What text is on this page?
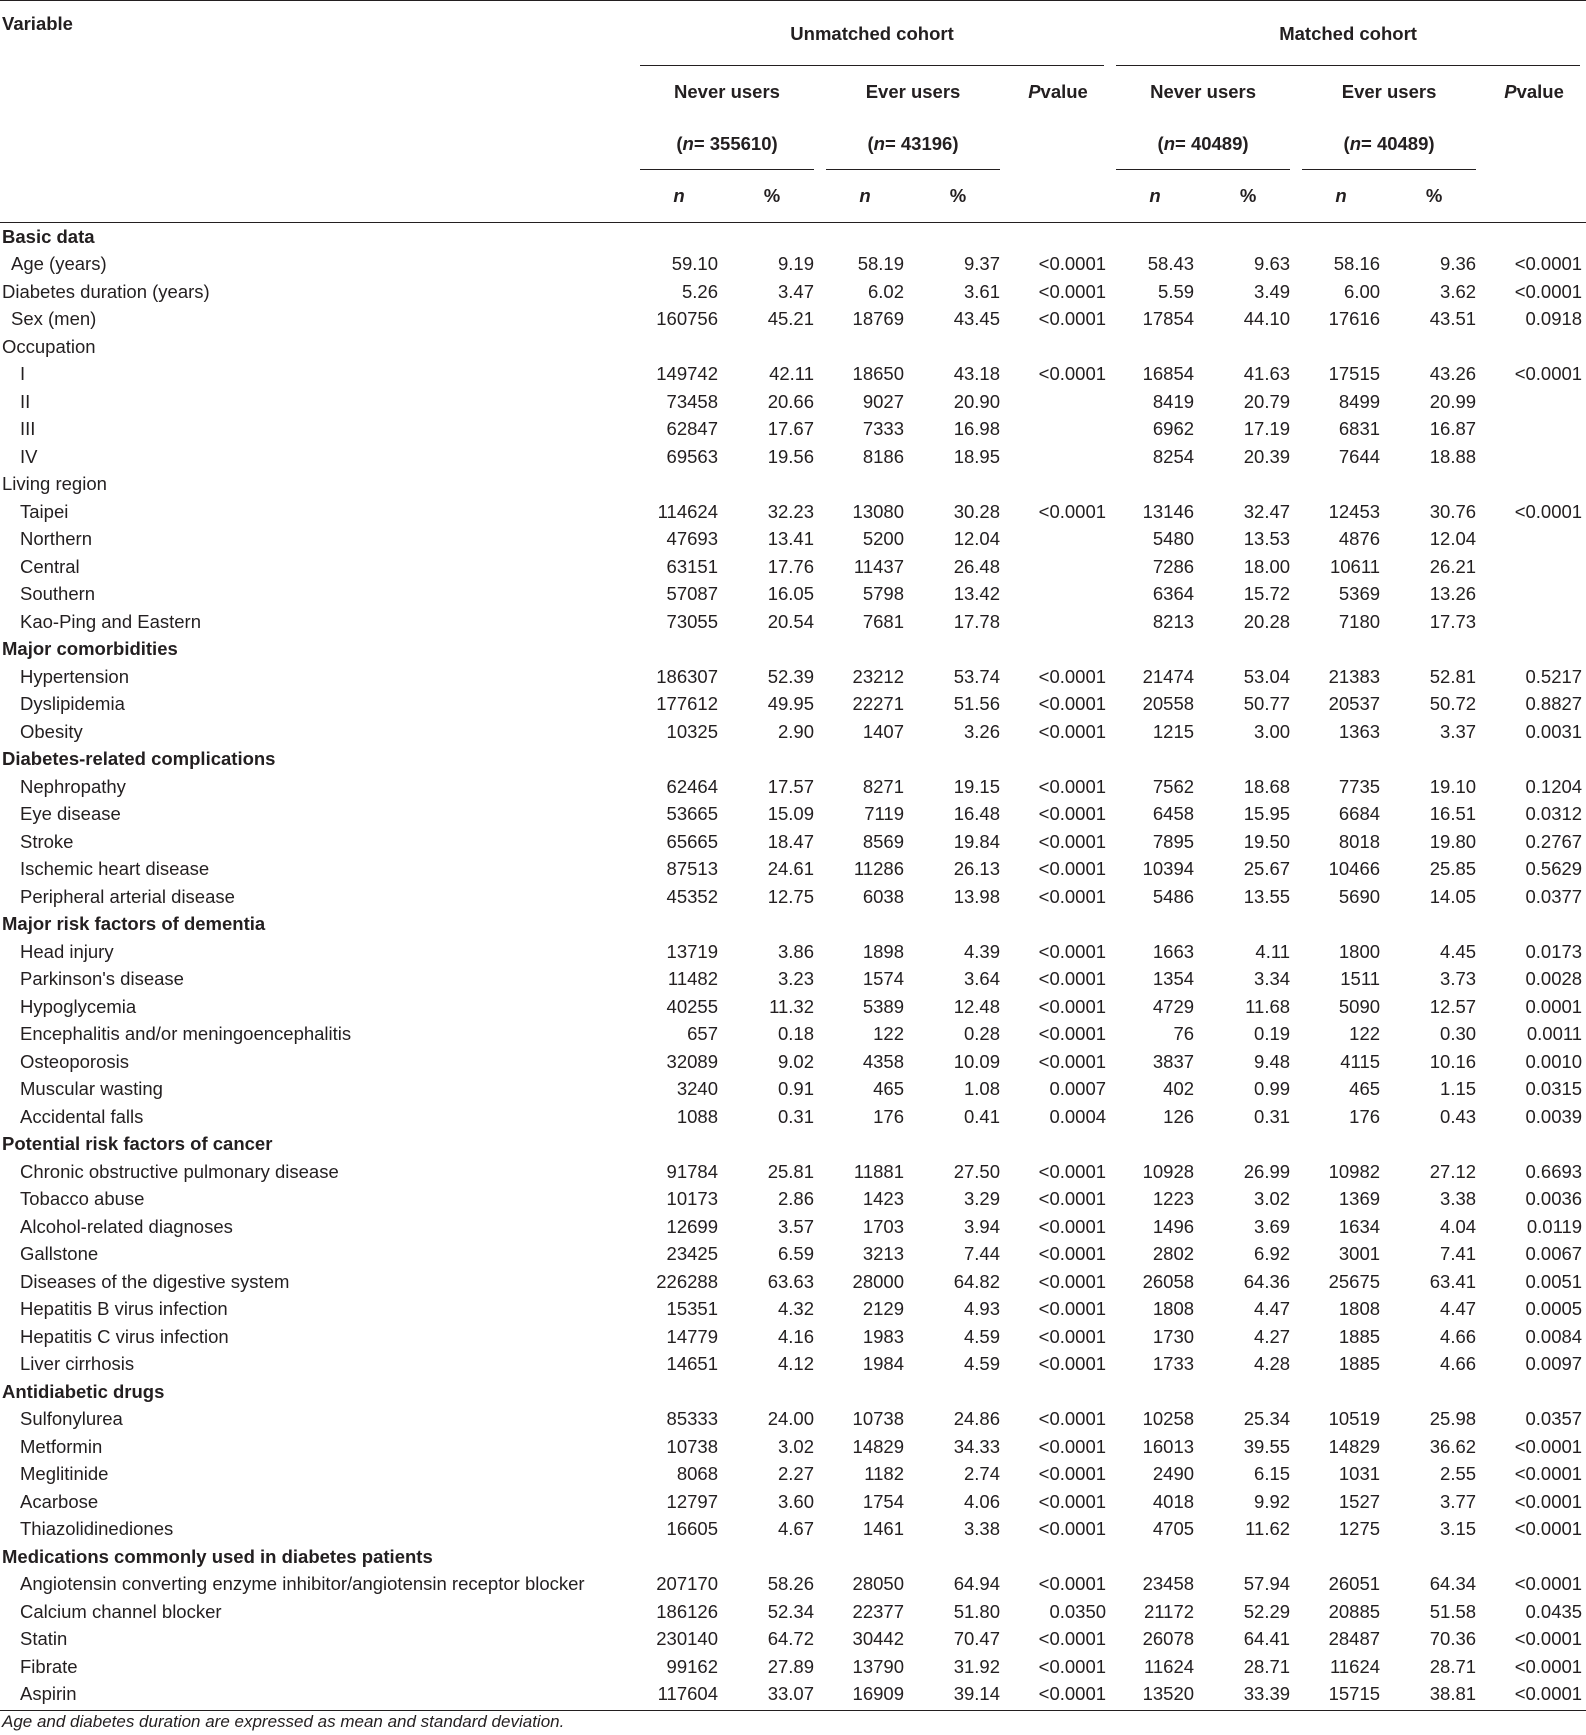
Variable	Unmatched cohort					Matched cohort				
	Never users		Ever users		Pvalue	Never users		Ever users		Pvalue
	(n= 355610)		(n= 43196)			(n= 40489)		(n= 40489)		
	n	%	n	%		n	%	n	%	
Basic data										
Age (years)	59.10	9.19	58.19	9.37	<0.0001	58.43	9.63	58.16	9.36	<0.0001
Diabetes duration (years)	5.26	3.47	6.02	3.61	<0.0001	5.59	3.49	6.00	3.62	<0.0001
Sex (men)	160756	45.21	18769	43.45	<0.0001	17854	44.10	17616	43.51	0.0918
Occupation										
I	149742	42.11	18650	43.18	<0.0001	16854	41.63	17515	43.26	<0.0001
II	73458	20.66	9027	20.90		8419	20.79	8499	20.99	
III	62847	17.67	7333	16.98		6962	17.19	6831	16.87	
IV	69563	19.56	8186	18.95		8254	20.39	7644	18.88	
Living region										
Taipei	114624	32.23	13080	30.28	<0.0001	13146	32.47	12453	30.76	<0.0001
Northern	47693	13.41	5200	12.04		5480	13.53	4876	12.04	
Central	63151	17.76	11437	26.48		7286	18.00	10611	26.21	
Southern	57087	16.05	5798	13.42		6364	15.72	5369	13.26	
Kao-Ping and Eastern	73055	20.54	7681	17.78		8213	20.28	7180	17.73	
Major comorbidities										
Hypertension	186307	52.39	23212	53.74	<0.0001	21474	53.04	21383	52.81	0.5217
Dyslipidemia	177612	49.95	22271	51.56	<0.0001	20558	50.77	20537	50.72	0.8827
Obesity	10325	2.90	1407	3.26	<0.0001	1215	3.00	1363	3.37	0.0031
Diabetes-related complications										
Nephropathy	62464	17.57	8271	19.15	<0.0001	7562	18.68	7735	19.10	0.1204
Eye disease	53665	15.09	7119	16.48	<0.0001	6458	15.95	6684	16.51	0.0312
Stroke	65665	18.47	8569	19.84	<0.0001	7895	19.50	8018	19.80	0.2767
Ischemic heart disease	87513	24.61	11286	26.13	<0.0001	10394	25.67	10466	25.85	0.5629
Peripheral arterial disease	45352	12.75	6038	13.98	<0.0001	5486	13.55	5690	14.05	0.0377
Major risk factors of dementia										
Head injury	13719	3.86	1898	4.39	<0.0001	1663	4.11	1800	4.45	0.0173
Parkinson's disease	11482	3.23	1574	3.64	<0.0001	1354	3.34	1511	3.73	0.0028
Hypoglycemia	40255	11.32	5389	12.48	<0.0001	4729	11.68	5090	12.57	0.0001
Encephalitis and/or meningoencephalitis	657	0.18	122	0.28	<0.0001	76	0.19	122	0.30	0.0011
Osteoporosis	32089	9.02	4358	10.09	<0.0001	3837	9.48	4115	10.16	0.0010
Muscular wasting	3240	0.91	465	1.08	0.0007	402	0.99	465	1.15	0.0315
Accidental falls	1088	0.31	176	0.41	0.0004	126	0.31	176	0.43	0.0039
Potential risk factors of cancer										
Chronic obstructive pulmonary disease	91784	25.81	11881	27.50	<0.0001	10928	26.99	10982	27.12	0.6693
Tobacco abuse	10173	2.86	1423	3.29	<0.0001	1223	3.02	1369	3.38	0.0036
Alcohol-related diagnoses	12699	3.57	1703	3.94	<0.0001	1496	3.69	1634	4.04	0.0119
Gallstone	23425	6.59	3213	7.44	<0.0001	2802	6.92	3001	7.41	0.0067
Diseases of the digestive system	226288	63.63	28000	64.82	<0.0001	26058	64.36	25675	63.41	0.0051
Hepatitis B virus infection	15351	4.32	2129	4.93	<0.0001	1808	4.47	1808	4.47	0.0005
Hepatitis C virus infection	14779	4.16	1983	4.59	<0.0001	1730	4.27	1885	4.66	0.0084
Liver cirrhosis	14651	4.12	1984	4.59	<0.0001	1733	4.28	1885	4.66	0.0097
Antidiabetic drugs										
Sulfonylurea	85333	24.00	10738	24.86	<0.0001	10258	25.34	10519	25.98	0.0357
Metformin	10738	3.02	14829	34.33	<0.0001	16013	39.55	14829	36.62	<0.0001
Meglitinide	8068	2.27	1182	2.74	<0.0001	2490	6.15	1031	2.55	<0.0001
Acarbose	12797	3.60	1754	4.06	<0.0001	4018	9.92	1527	3.77	<0.0001
Thiazolidinediones	16605	4.67	1461	3.38	<0.0001	4705	11.62	1275	3.15	<0.0001
Medications commonly used in diabetes patients										
Angiotensin converting enzyme inhibitor/angiotensin receptor blocker	207170	58.26	28050	64.94	<0.0001	23458	57.94	26051	64.34	<0.0001
Calcium channel blocker	186126	52.34	22377	51.80	0.0350	21172	52.29	20885	51.58	0.0435
Statin	230140	64.72	30442	70.47	<0.0001	26078	64.41	28487	70.36	<0.0001
Fibrate	99162	27.89	13790	31.92	<0.0001	11624	28.71	11624	28.71	<0.0001
Aspirin	117604	33.07	16909	39.14	<0.0001	13520	33.39	15715	38.81	<0.0001
Age and diabetes duration are expressed as mean and standard deviation.
